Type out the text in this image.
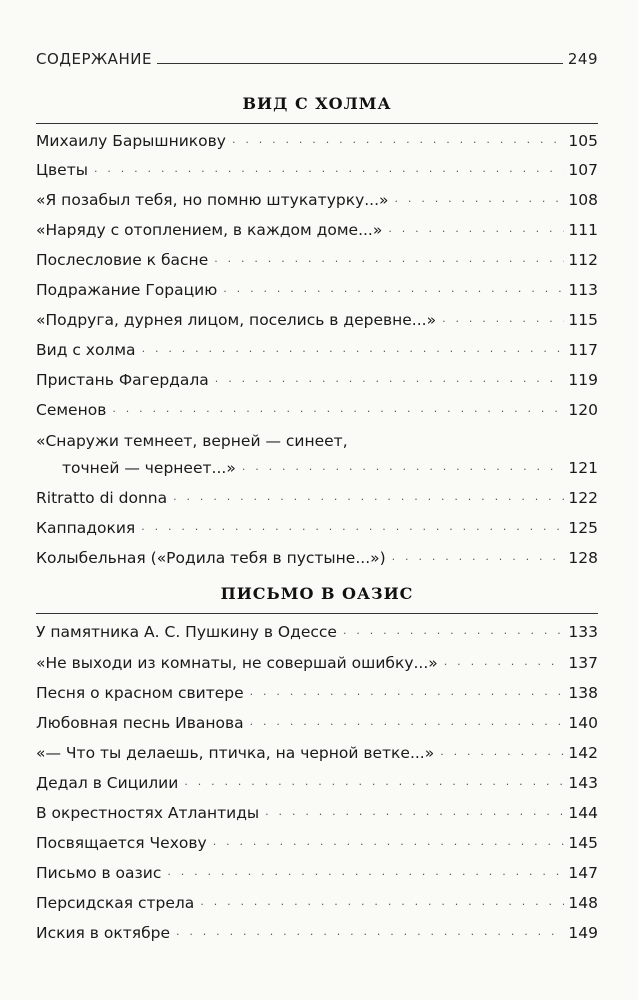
СОДЕРЖАНИЕ	249
ВИД С ХОЛМА
Михаилу Барышникову . . .	105
Цветы . . .	107
«Я позабыл тебя, но помню штукатурку...» . . .	108
«Наряду с отоплением, в каждом доме...» . . .	111
Послесловие к басне . . .	112
Подражание Горацию . . .	113
«Подруга, дурнея лицом, поселись в деревне...» . . .	115
Вид с холма . . .	117
Пристань Фагердала . . .	119
Семенов . . .	120
«Снаружи темнеет, верней — синеет,
точней — чернеет...» . . .	121
Ritratto di donna . . .	122
Каппадокия . . .	125
Колыбельная («Родила тебя в пустыне...») . . .	128
ПИСЬМО В ОАЗИС
У памятника А. С. Пушкину в Одессе . . .	133
«Не выходи из комнаты, не совершай ошибку...» . . .	137
Песня о красном свитере . . .	138
Любовная песнь Иванова . . .	140
«— Что ты делаешь, птичка, на черной ветке...» . . .	142
Дедал в Сицилии . . .	143
В окрестностях Атлантиды . . .	144
Посвящается Чехову . . .	145
Письмо в оазис . . .	147
Персидская стрела . . .	148
Иския в октябре . . .	149
